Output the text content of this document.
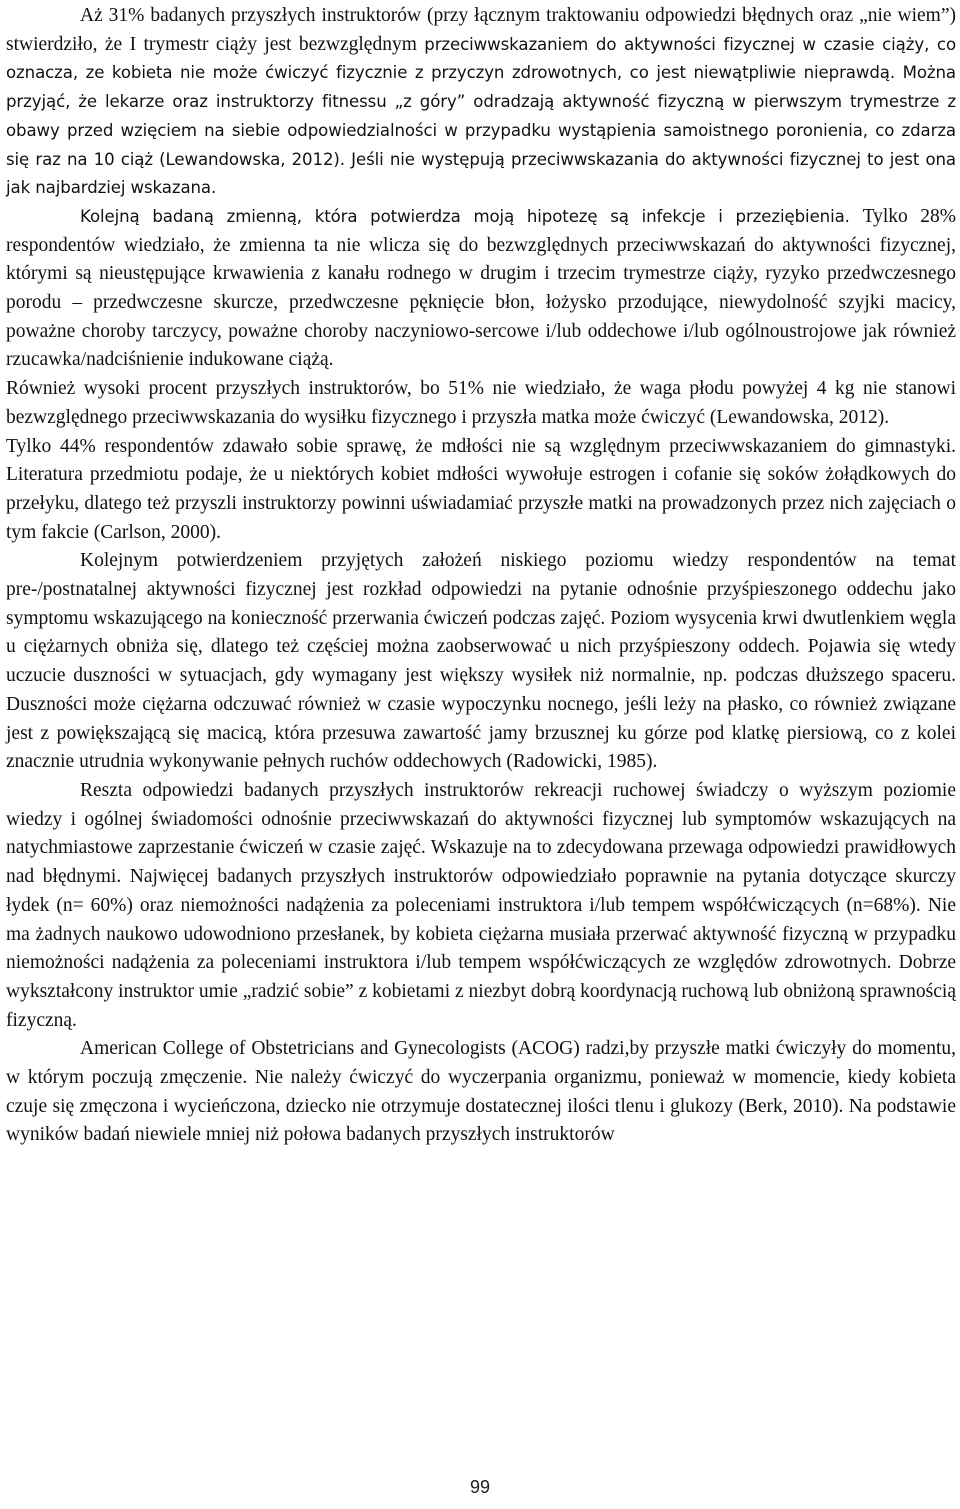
Aż 31% badanych przyszłych instruktorów (przy łącznym traktowaniu odpowiedzi błędnych oraz „nie wiem”) stwierdziło, że I trymestr ciąży jest bezwzględnym przeciwwskazaniem do aktywności fizycznej w czasie ciąży, co oznacza, ze kobieta nie może ćwiczyć fizycznie z przyczyn zdrowotnych, co jest niewątpliwie nieprawdą. Można przyjąć, że lekarze oraz instruktorzy fitnessu „z góry” odradzają aktywność fizyczną w pierwszym trymestrze z obawy przed wzięciem na siebie odpowiedzialności w przypadku wystąpienia samoistnego poronienia, co zdarza się raz na 10 ciąż (Lewandowska, 2012). Jeśli nie występują przeciwwskazania do aktywności fizycznej to jest ona jak najbardziej wskazana.

Kolejną badaną zmienną, która potwierdza moją hipotezę są infekcje i przeziębienia. Tylko 28% respondentów wiedziało, że zmienna ta nie wlicza się do bezwzględnych przeciwwskazań do aktywności fizycznej, którymi są nieustępujące krwawienia z kanału rodnego w drugim i trzecim trymestrze ciąży, ryzyko przedwczesnego porodu – przedwczesne skurcze, przedwczesne pęknięcie błon, łożysko przodujące, niewydolność szyjki macicy, poważne choroby tarczycy, poważne choroby naczyniowo-sercowe i/lub oddechowe i/lub ogólnoustrojowe jak również rzucawka/nadciśnienie indukowane ciążą.

Również wysoki procent przyszłych instruktorów, bo 51% nie wiedziało, że waga płodu powyżej 4 kg nie stanowi bezwzględnego przeciwwskazania do wysiłku fizycznego i przyszła matka może ćwiczyć (Lewandowska, 2012).

Tylko 44% respondentów zdawało sobie sprawę, że mdłości nie są względnym przeciwwskazaniem do gimnastyki. Literatura przedmiotu podaje, że u niektórych kobiet mdłości wywołuje estrogen i cofanie się soków żołądkowych do przełyku, dlatego też przyszli instruktorzy powinni uświadamiać przyszłe matki na prowadzonych przez nich zajęciach o tym fakcie (Carlson, 2000).

Kolejnym potwierdzeniem przyjętych założeń niskiego poziomu wiedzy respondentów na temat pre-/postnatalnej aktywności fizycznej jest rozkład odpowiedzi na pytanie odnośnie przyśpieszonego oddechu jako symptomu wskazującego na konieczność przerwania ćwiczeń podczas zajęć. Poziom wysycenia krwi dwutlenkiem węgla u ciężarnych obniża się, dlatego też częściej można zaobserwować u nich przyśpieszony oddech. Pojawia się wtedy uczucie duszności w sytuacjach, gdy wymagany jest większy wysiłek niż normalnie, np. podczas dłuższego spaceru. Duszności może ciężarna odczuwać również w czasie wypoczynku nocnego, jeśli leży na płasko, co również związane jest z powiększającą się macicą, która przesuwa zawartość jamy brzusznej ku górze pod klatkę piersiową, co z kolei znacznie utrudnia wykonywanie pełnych ruchów oddechowych (Radowicki, 1985).

Reszta odpowiedzi badanych przyszłych instruktorów rekreacji ruchowej świadczy o wyższym poziomie wiedzy i ogólnej świadomości odnośnie przeciwwskazań do aktywności fizycznej lub symptomów wskazujących na natychmiastowe zaprzestanie ćwiczeń w czasie zajęć. Wskazuje na to zdecydowana przewaga odpowiedzi prawidłowych nad błędnymi. Najwięcej badanych przyszłych instruktorów odpowiedziało poprawnie na pytania dotyczące skurczy łydek (n= 60%) oraz niemożności nadążenia za poleceniami instruktora i/lub tempem współćwiczących (n=68%). Nie ma żadnych naukowo udowodniono przesłanek, by kobieta ciężarna musiała przerwać aktywność fizyczną w przypadku niemożności nadążenia za poleceniami instruktora i/lub tempem współćwiczących ze względów zdrowotnych. Dobrze wykształcony instruktor umie „radzić sobie” z kobietami z niezbyt dobrą koordynacją ruchową lub obniżoną sprawnością fizyczną.

American College of Obstetricians and Gynecologists (ACOG) radzi,by przyszłe matki ćwiczyły do momentu, w którym poczują zmęczenie. Nie należy ćwiczyć do wyczerpania organizmu, ponieważ w momencie, kiedy kobieta czuje się zmęczona i wycieńczona, dziecko nie otrzymuje dostatecznej ilości tlenu i glukozy (Berk, 2010). Na podstawie wyników badań niewiele mniej niż połowa badanych przyszłych instruktorów

99
